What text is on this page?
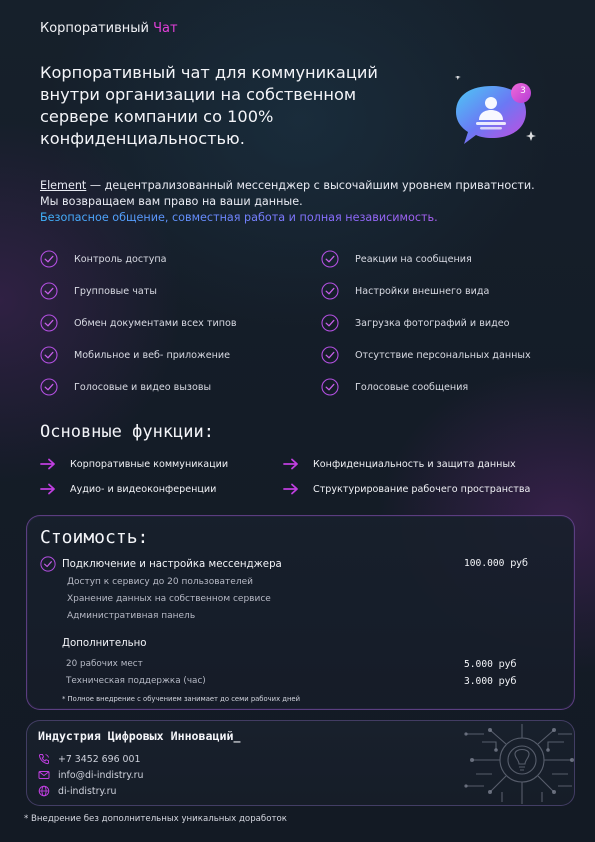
Корпоративный Чат
Корпоративный чат для коммуникаций внутри организации на собственном сервере компании со 100% конфиденциальностью.
3
Element — децентрализованный мессенджер с высочайшим уровнем приватности.
Мы возвращаем вам право на ваши данные.
Безопасное общение, совместная работа и полная независимость.
Контроль доступа	Реакции на сообщения
Групповые чаты	Настройки внешнего вида
Обмен документами всех типов	Загрузка фотографий и видео
Мобильное и веб- приложение	Отсутствие персональных данных
Голосовые и видео вызовы	Голосовые сообщения
Основные функции:
Корпоративные коммуникации	Конфиденциальность и защита данных
Аудио- и видеоконференции	Структурирование рабочего пространства
Стоимость:
Подключение и настройка мессенджера	100.000 руб
Доступ к сервису до 20 пользователей
Хранение данных на собственном сервисе
Административная панель
Дополнительно
20 рабочих мест	5.000 руб
Техническая поддержка (час)	3.000 руб
* Полное внедрение с обучением занимает до семи рабочих дней
Индустрия Цифровых Инноваций_
+7 3452 696 001
info@di-indistry.ru
di-indistry.ru
* Внедрение без дополнительных уникальных доработок
